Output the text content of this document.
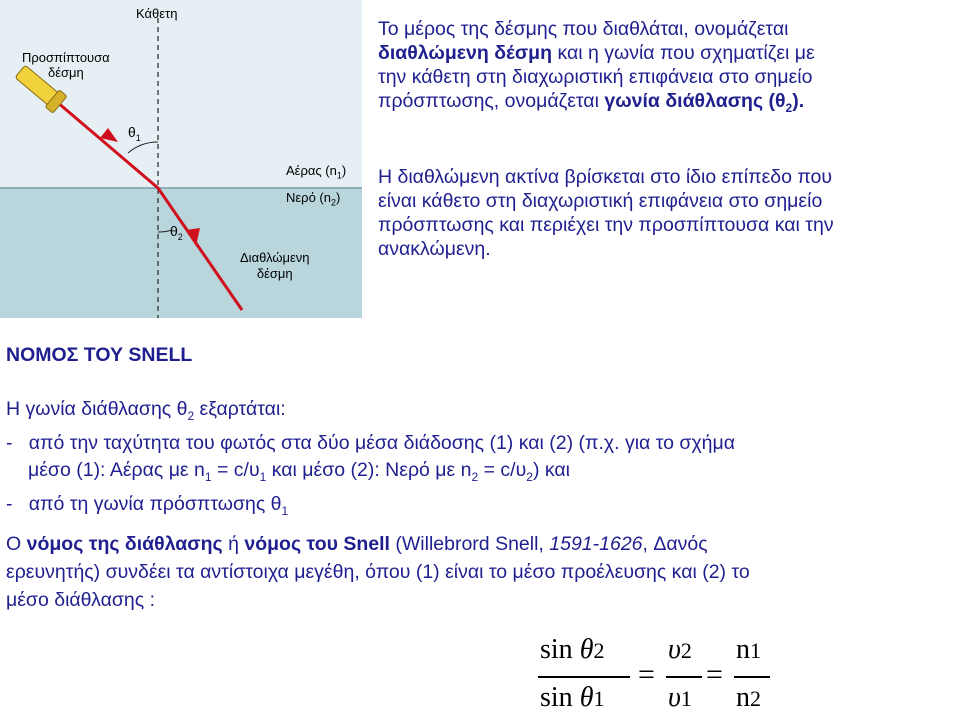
Κάθετη
Προσπίπτουσα
δέσμη
$\theta_1$
$\theta_2$
Αέρας $(n_1)$
Νερό $(n_2)$
Διαθλώμενη
δέσμη
Το μέρος της δέσμης που διαθλάται, ονομάζεται
διαθλώμενη δέσμη και η γωνία που σχηματίζει με
την κάθετη στη διαχωριστική επιφάνεια στο σημείο
πρόσπτωσης, ονομάζεται γωνία διάθλασης $(\theta_2)$.
Η διαθλώμενη ακτίνα βρίσκεται στο ίδιο επίπεδο που
είναι κάθετο στη διαχωριστική επιφάνεια στο σημείο
πρόσπτωσης και περιέχει την προσπίπτουσα και την
ανακλώμενη.
ΝΟΜΟΣ ΤΟΥ SNELL
Η γωνία διάθλασης $\theta_2$ εξαρτάται:
-   από την ταχύτητα του φωτός στα δύο μέσα διάδοσης (1) και (2) (π.χ. για το σχήμα
μέσο (1): Αέρας με $n_1 = c/\upsilon_1$ και μέσο (2): Νερό με $n_2 = c/\upsilon_2$) και
-   από τη γωνία πρόσπτωσης $\theta_1$
Ο νόμος της διάθλασης ή νόμος του Snell (Willebrord Snell, 1591-1626, Δανός
ερευνητής) συνδέει τα αντίστοιχα μεγέθη, όπου (1) είναι το μέσο προέλευσης και (2) το
μέσο διάθλασης :
sin θ2
sin θ1
=
υ2
υ1
=
n1
n2
